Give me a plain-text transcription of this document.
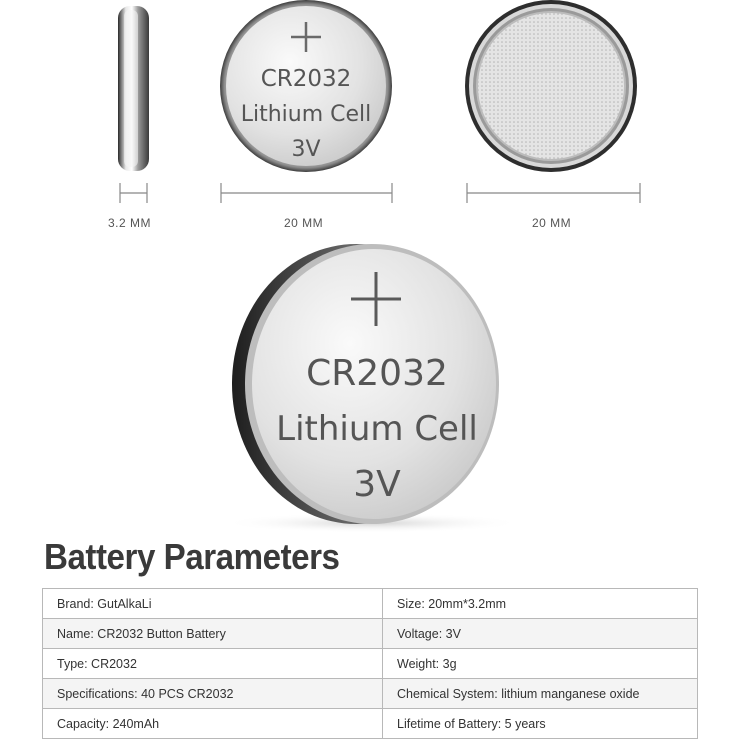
CR2032
Lithium Cell
3V
CR2032
Lithium Cell
3V
3.2 MM	20 MM	20 MM
Battery Parameters
Brand: GutAlkaLi	Size: 20mm*3.2mm
Name: CR2032 Button Battery	Voltage: 3V
Type: CR2032	Weight: 3g
Specifications: 40 PCS CR2032	Chemical System: lithium manganese oxide
Capacity: 240mAh	Lifetime of Battery: 5 years
